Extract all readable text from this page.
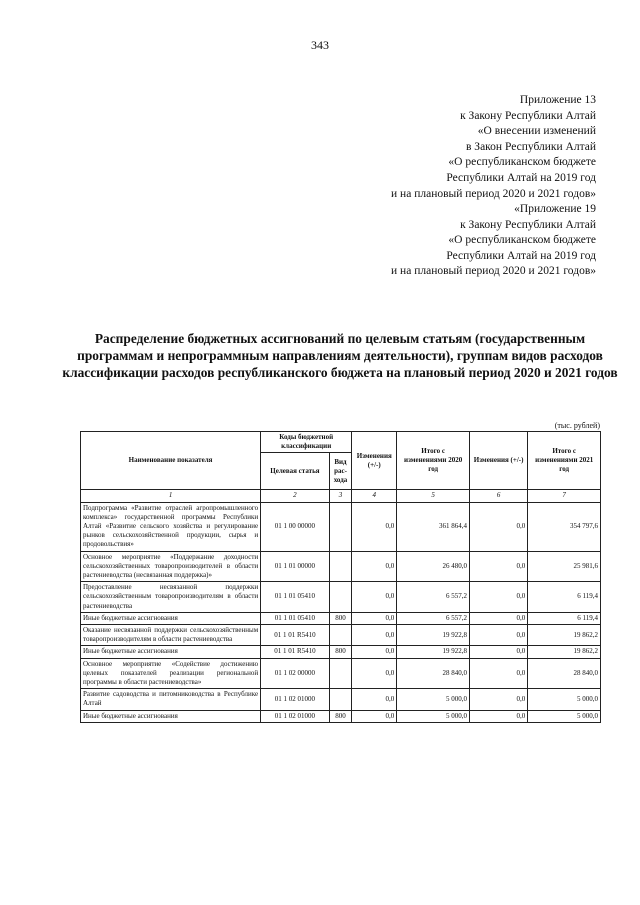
343
Приложение 13
к Закону Республики Алтай
«О внесении изменений
в Закон Республики Алтай
«О республиканском бюджете
Республики Алтай на 2019 год
и на плановый период 2020 и 2021 годов»
«Приложение 19
к Закону Республики Алтай
«О республиканском бюджете
Республики Алтай на 2019 год
и на плановый период 2020 и 2021 годов»
Распределение бюджетных ассигнований по целевым статьям (государственным программам и непрограммным направлениям деятельности), группам видов расходов классификации расходов республиканского бюджета на плановый период 2020 и 2021 годов
(тыс. рублей)
Наименование показателя	Коды бюджетной классификации		Изменения (+/-)	Итого с изменениями 2020 год	Изменения (+/-)	Итого с изменениями 2021 год
	Целевая статья	Вид рас-хода				
1	2	3	4	5	6	7
Подпрограмма «Развитие отраслей агропромышленного комплекса» государственной программы Республики Алтай «Развитие сельского хозяйства и регулирование рынков сельскохозяйственной продукции, сырья и продовольствия»	01 1 00 00000		0,0	361 864,4	0,0	354 797,6
Основное мероприятие «Поддержание доходности сельскохозяйственных товаропроизводителей в области растениеводства (несвязанная поддержка)»	01 1 01 00000		0,0	26 480,0	0,0	25 981,6
Предоставление несвязанной поддержки сельскохозяйственным товаропроизводителям в области растениеводства	01 1 01 05410		0,0	6 557,2	0,0	6 119,4
Иные бюджетные ассигнования	01 1 01 05410	800	0,0	6 557,2	0,0	6 119,4
Оказание несвязанной поддержки сельскохозяйственным товаропроизводителям в области растениеводства	01 1 01 R5410		0,0	19 922,8	0,0	19 862,2
Иные бюджетные ассигнования	01 1 01 R5410	800	0,0	19 922,8	0,0	19 862,2
Основное мероприятие «Содействие достижению целевых показателей реализации региональной программы в области растениеводства»	01 1 02 00000		0,0	28 840,0	0,0	28 840,0
Развитие садоводства и питомниководства в Республике Алтай	01 1 02 01000		0,0	5 000,0	0,0	5 000,0
Иные бюджетные ассигнования	01 1 02 01000	800	0,0	5 000,0	0,0	5 000,0
